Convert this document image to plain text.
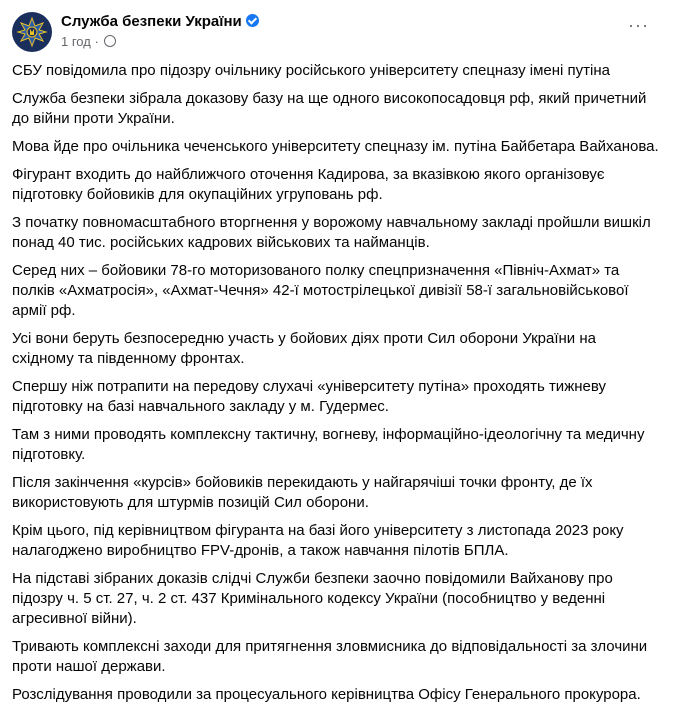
Служба безпеки України
1 год ·
···
СБУ повідомила про підозру очільнику російського університету спецназу імені путіна
Служба безпеки зібрала доказову базу на ще одного високопосадовця рф, який причетний
до війни проти України.
Мова йде про очільника чеченського університету спецназу ім. путіна Байбетара Вайханова.
Фігурант входить до найближчого оточення Кадирова, за вказівкою якого організовує
підготовку бойовиків для окупаційних угруповань рф.
З початку повномасштабного вторгнення у ворожому навчальному закладі пройшли вишкіл
понад 40 тис. російських кадрових військових та найманців.
Серед них – бойовики 78-го моторизованого полку спецпризначення «Північ-Ахмат» та
полків «Ахматросія», «Ахмат-Чечня» 42-ї мотострілецької дивізії 58-ї загальновійськової
армії рф.
Усі вони беруть безпосередню участь у бойових діях проти Сил оборони України на
східному та південному фронтах.
Спершу ніж потрапити на передову слухачі «університету путіна» проходять тижневу
підготовку на базі навчального закладу у м. Гудермес.
Там з ними проводять комплексну тактичну, вогневу, інформаційно-ідеологічну та медичну
підготовку.
Після закінчення «курсів» бойовиків перекидають у найгарячіші точки фронту, де їх
використовують для штурмів позицій Сил оборони.
Крім цього, під керівництвом фігуранта на базі його університету з листопада 2023 року
налагоджено виробництво FPV-дронів, а також навчання пілотів БПЛА.
На підставі зібраних доказів слідчі Служби безпеки заочно повідомили Вайханову про
підозру ч. 5 ст. 27, ч. 2 ст. 437 Кримінального кодексу України (пособництво у веденні
агресивної війни).
Тривають комплексні заходи для притягнення зловмисника до відповідальності за злочини
проти нашої держави.
Розслідування проводили за процесуального керівництва Офісу Генерального прокурора.
